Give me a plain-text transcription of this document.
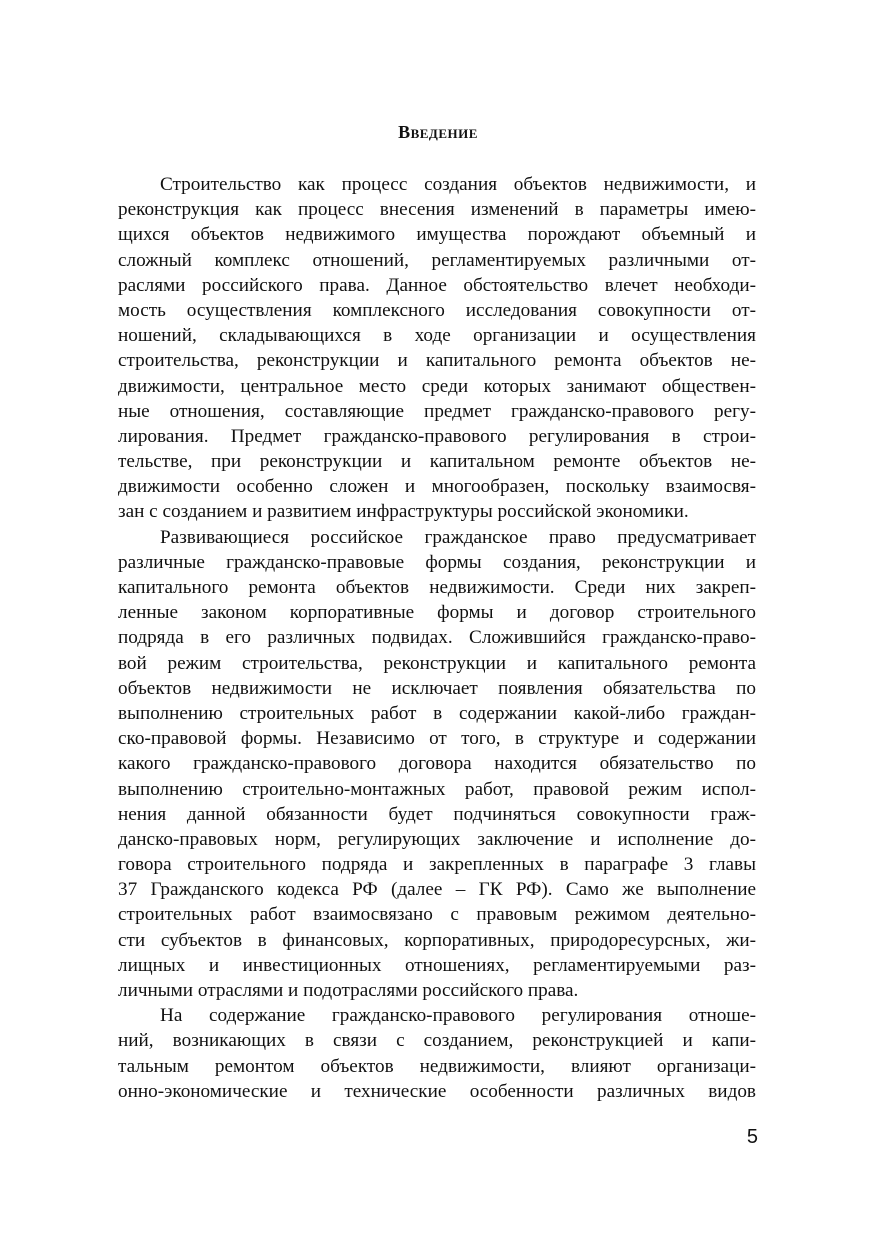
Введение
Строительство как процесс создания объектов недвижимости, и
реконструкция как процесс внесения изменений в параметры имею-
щихся объектов недвижимого имущества порождают объемный и
сложный комплекс отношений, регламентируемых различными от-
раслями российского права. Данное обстоятельство влечет необходи-
мость осуществления комплексного исследования совокупности от-
ношений, складывающихся в ходе организации и осуществления
строительства, реконструкции и капитального ремонта объектов не-
движимости, центральное место среди которых занимают обществен-
ные отношения, составляющие предмет гражданско-правового регу-
лирования. Предмет гражданско-правового регулирования в строи-
тельстве, при реконструкции и капитальном ремонте объектов не-
движимости особенно сложен и многообразен, поскольку взаимосвя-
зан с созданием и развитием инфраструктуры российской экономики.
Развивающиеся российское гражданское право предусматривает
различные гражданско-правовые формы создания, реконструкции и
капитального ремонта объектов недвижимости. Среди них закреп-
ленные законом корпоративные формы и договор строительного
подряда в его различных подвидах. Сложившийся гражданско-право-
вой режим строительства, реконструкции и капитального ремонта
объектов недвижимости не исключает появления обязательства по
выполнению строительных работ в содержании какой-либо граждан-
ско-правовой формы. Независимо от того, в структуре и содержании
какого гражданско-правового договора находится обязательство по
выполнению строительно-монтажных работ, правовой режим испол-
нения данной обязанности будет подчиняться совокупности граж-
данско-правовых норм, регулирующих заключение и исполнение до-
говора строительного подряда и закрепленных в параграфе 3 главы
37 Гражданского кодекса РФ (далее – ГК РФ). Само же выполнение
строительных работ взаимосвязано с правовым режимом деятельно-
сти субъектов в финансовых, корпоративных, природоресурсных, жи-
лищных и инвестиционных отношениях, регламентируемыми раз-
личными отраслями и подотраслями российского права.
На содержание гражданско-правового регулирования отноше-
ний, возникающих в связи с созданием, реконструкцией и капи-
тальным ремонтом объектов недвижимости, влияют организаци-
онно-экономические и технические особенности различных видов
5
